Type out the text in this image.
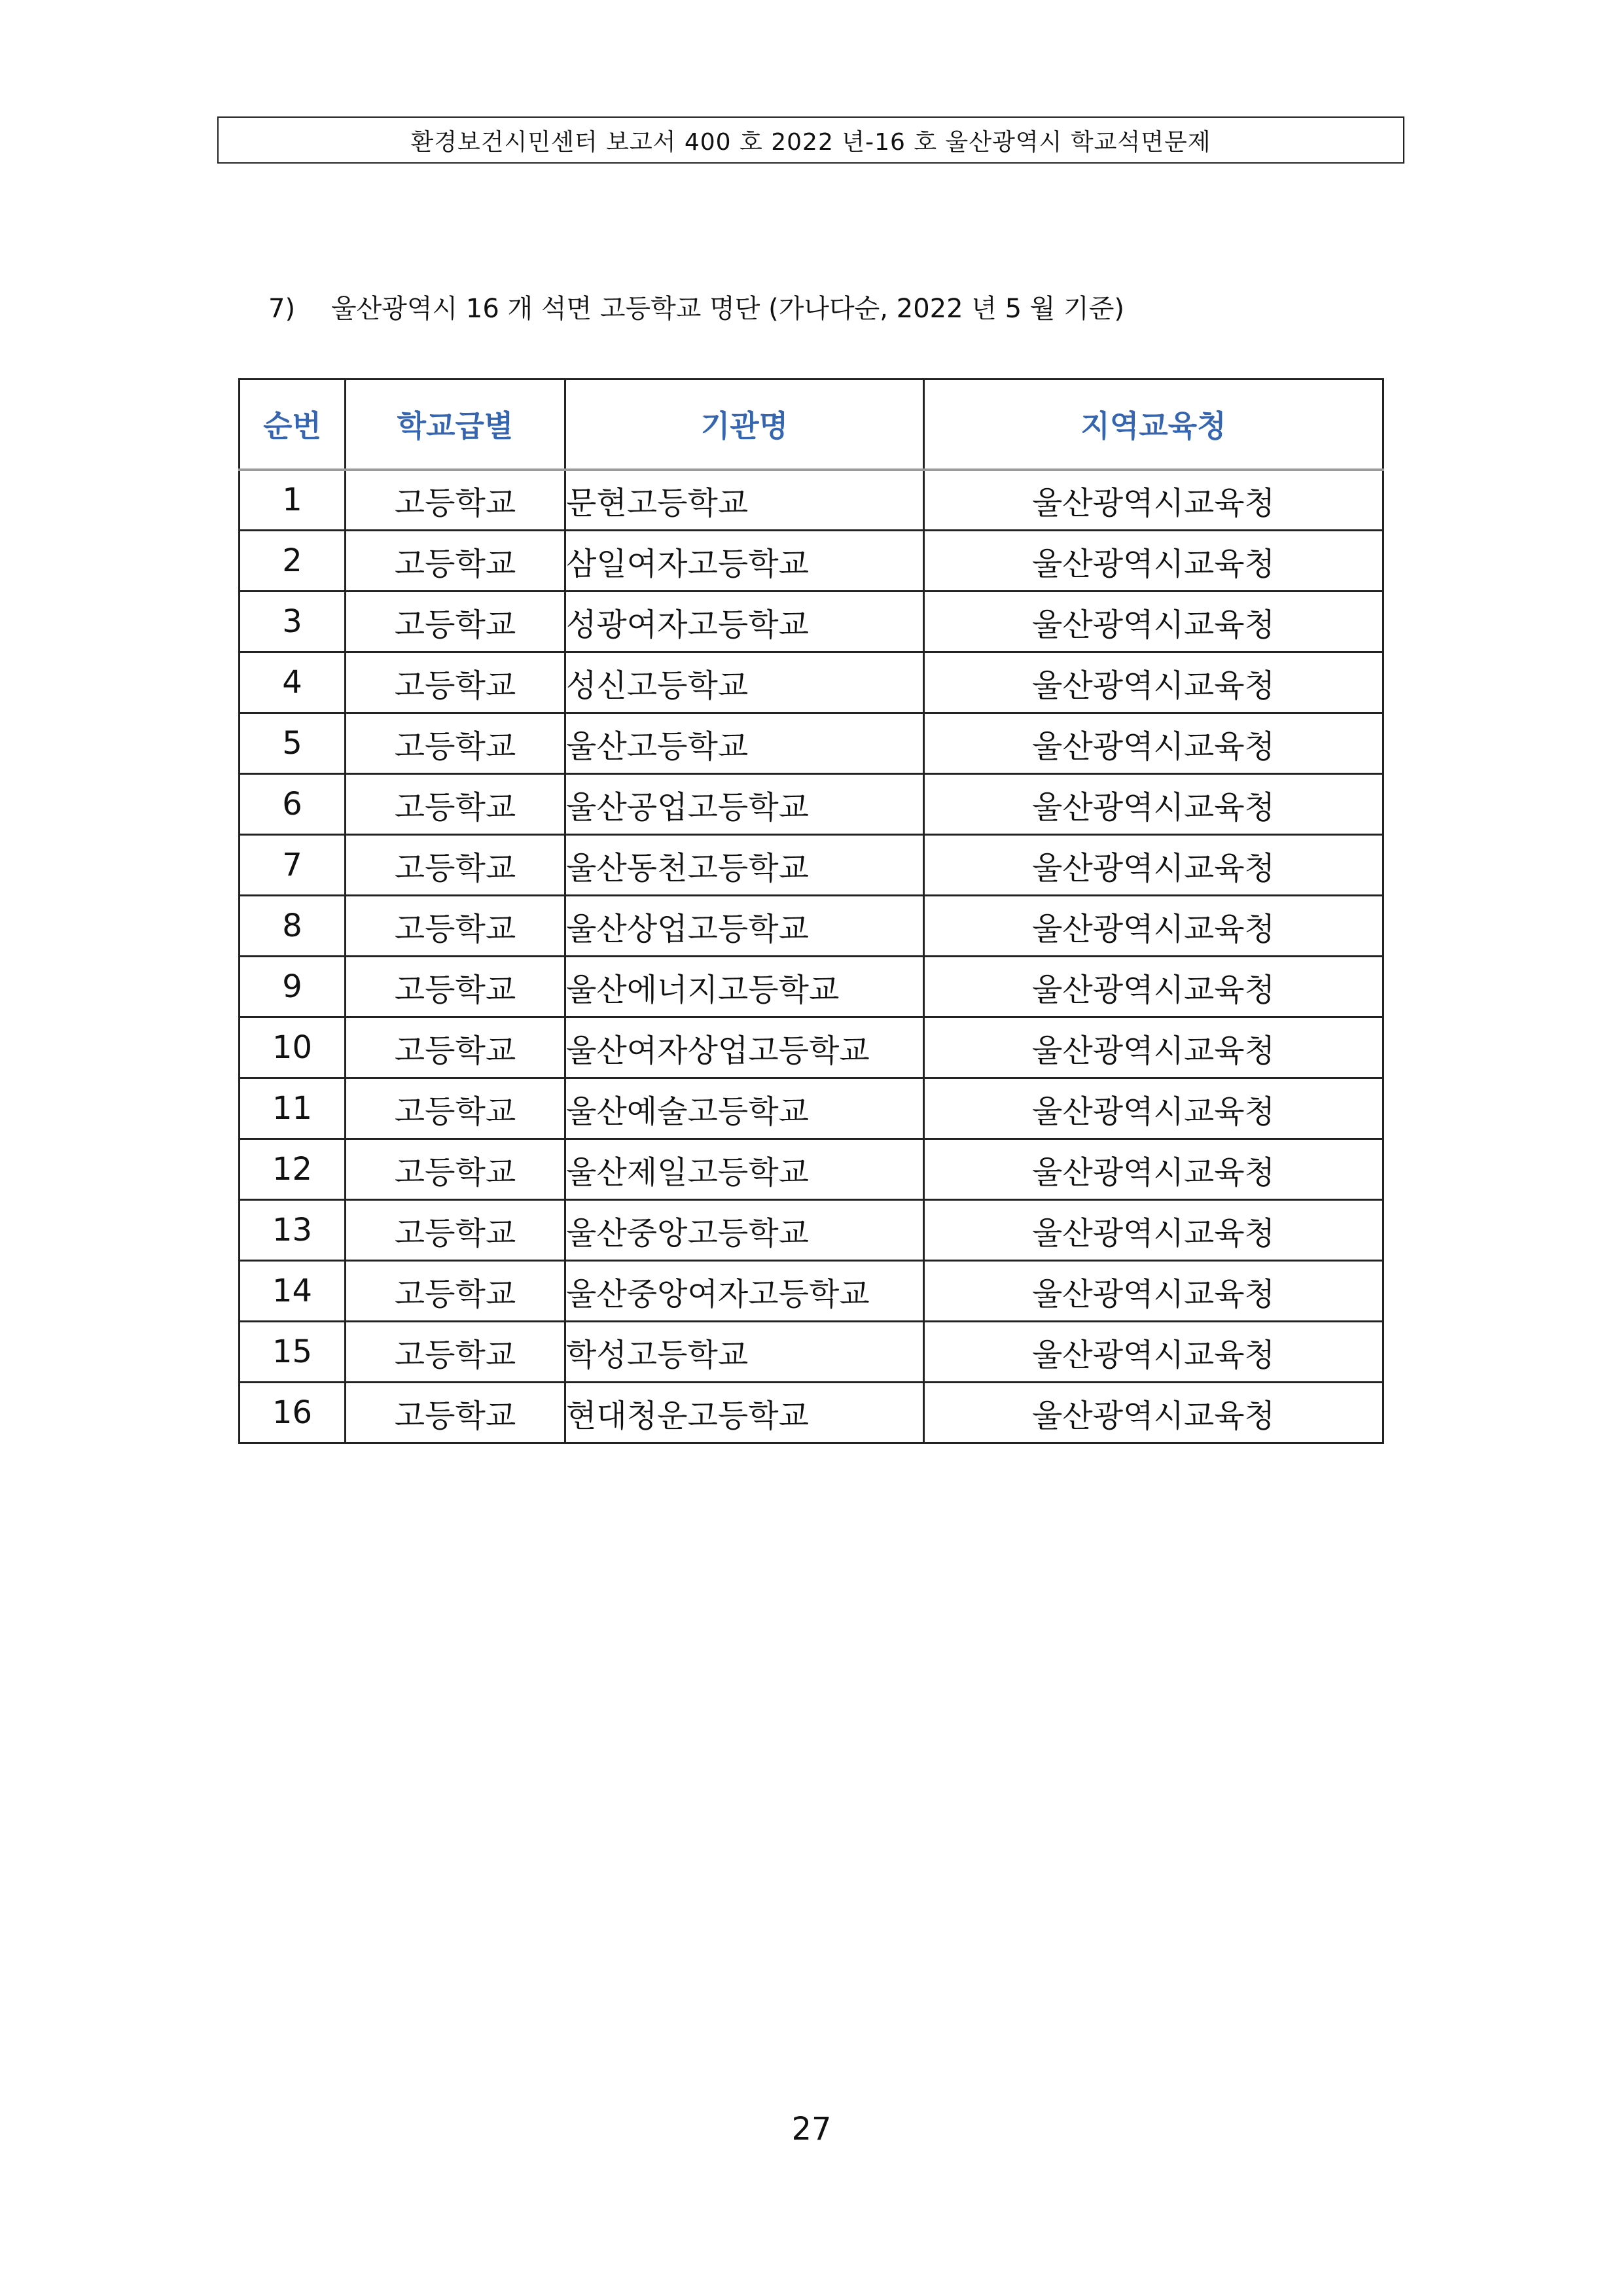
환경보건시민센터 보고서 400 호 2022 년-16 호 울산광역시 학교석면문제
7) 울산광역시 16 개 석면 고등학교 명단 (가나다순, 2022 년 5 월 기준)
순번	학교급별	기관명	지역교육청
1	고등학교	문현고등학교	울산광역시교육청
2	고등학교	삼일여자고등학교	울산광역시교육청
3	고등학교	성광여자고등학교	울산광역시교육청
4	고등학교	성신고등학교	울산광역시교육청
5	고등학교	울산고등학교	울산광역시교육청
6	고등학교	울산공업고등학교	울산광역시교육청
7	고등학교	울산동천고등학교	울산광역시교육청
8	고등학교	울산상업고등학교	울산광역시교육청
9	고등학교	울산에너지고등학교	울산광역시교육청
10	고등학교	울산여자상업고등학교	울산광역시교육청
11	고등학교	울산예술고등학교	울산광역시교육청
12	고등학교	울산제일고등학교	울산광역시교육청
13	고등학교	울산중앙고등학교	울산광역시교육청
14	고등학교	울산중앙여자고등학교	울산광역시교육청
15	고등학교	학성고등학교	울산광역시교육청
16	고등학교	현대청운고등학교	울산광역시교육청
27
